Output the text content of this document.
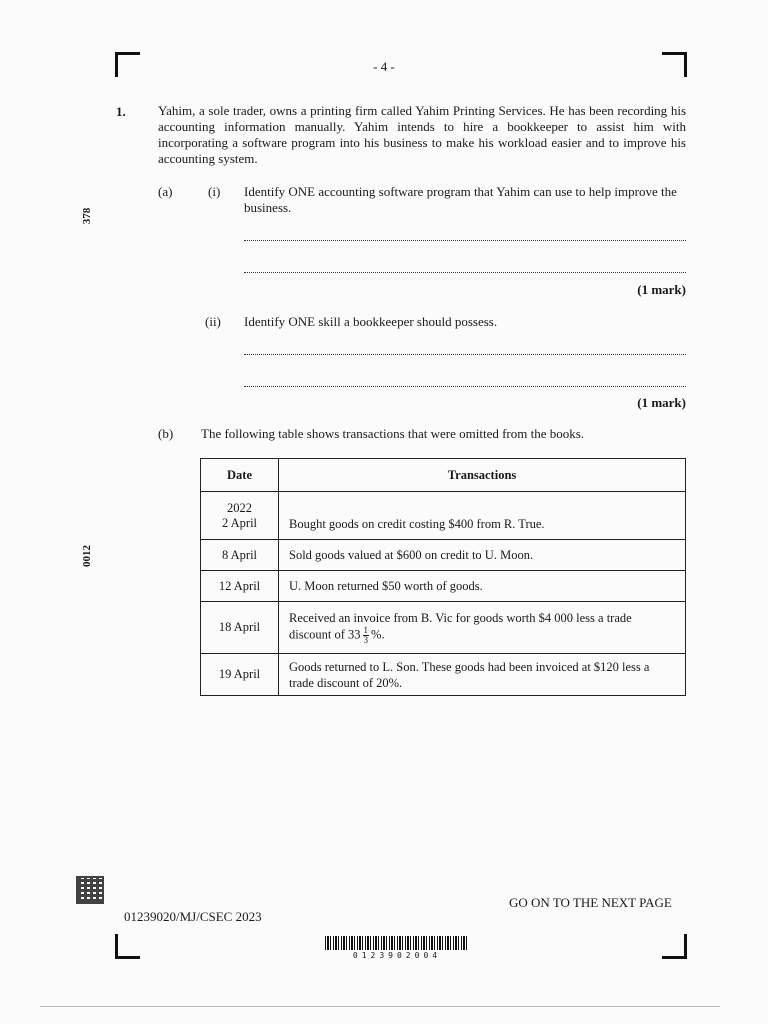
- 4 -
378
0012
1. Yahim, a sole trader, owns a printing firm called Yahim Printing Services. He has been recording his accounting information manually. Yahim intends to hire a bookkeeper to assist him with incorporating a software program into his business to make his workload easier and to improve his accounting system.
(a)	(i) Identify ONE accounting software program that Yahim can use to help improve the business.
(1 mark)
(ii) Identify ONE skill a bookkeeper should possess.
(1 mark)
(b) The following table shows transactions that were omitted from the books.
Date	Transactions

2022
2 April	Bought goods on credit costing $400 from R. True.
8 April	Sold goods valued at $600 on credit to U. Moon.
12 April	U. Moon returned $50 worth of goods.
18 April	Received an invoice from B. Vic for goods worth $4 000 less a trade discount of $33 \frac{1}{3}$ %.
19 April	Goods returned to L. Son. These goods had been invoiced at $120 less a trade discount of 20%.
GO ON TO THE NEXT PAGE
01239020/MJ/CSEC 2023
0123902004
